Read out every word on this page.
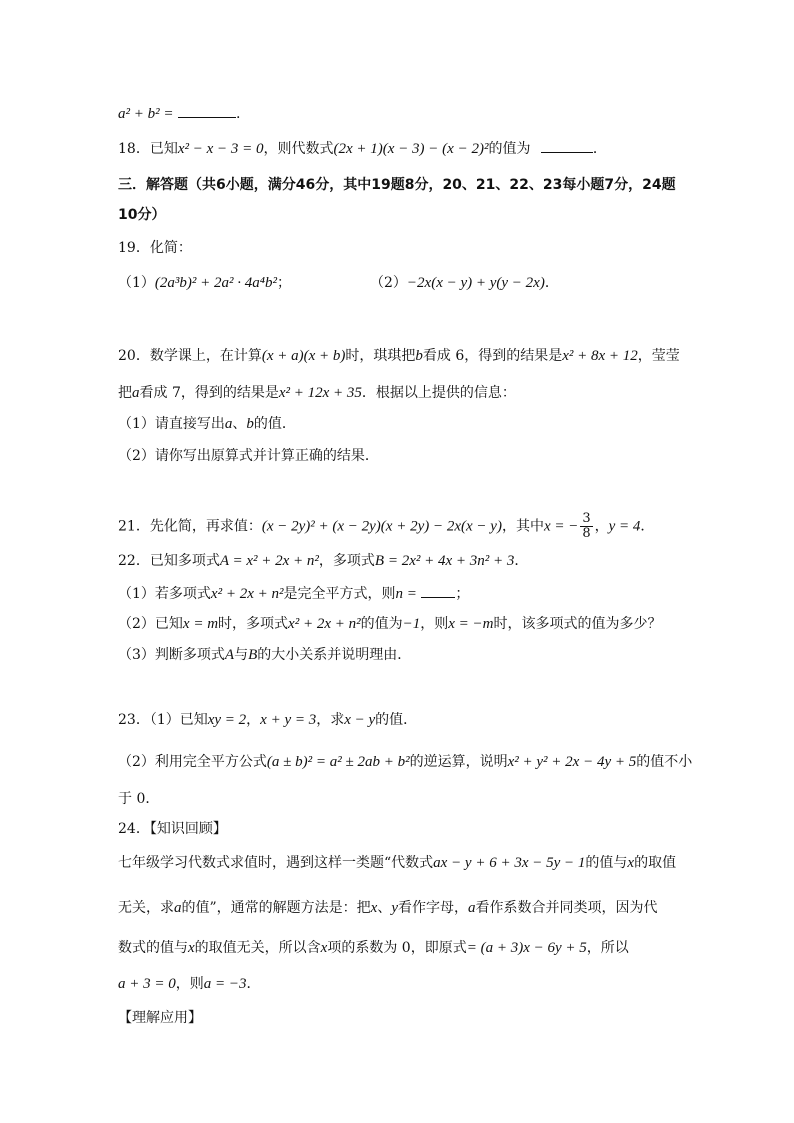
a² + b² =	.
18．已知x² − x − 3 = 0，则代数式(2x + 1)(x − 3) − (x − 2)²的值为	．
三．解答题（共6小题，满分46分，其中19题8分，20、21、22、23每小题7分，24题
10分）
19．化简：
（1）(2a³b)² + 2a² · 4a⁴b²；	（2）−2x(x − y) + y(y − 2x)．
20．数学课上，在计算(x + a)(x + b)时，琪琪把b看成 6，得到的结果是x² + 8x + 12，莹莹
把a看成 7，得到的结果是x² + 12x + 35．根据以上提供的信息：
（1）请直接写出a、b的值．
（2）请你写出原算式并计算正确的结果．
21．先化简，再求值：(x − 2y)² + (x − 2y)(x + 2y) − 2x(x − y)，其中x = − $\frac{3}{8}$ ，y = 4．
22．已知多项式A = x² + 2x + n²，多项式B = 2x² + 4x + 3n² + 3．
（1）若多项式x² + 2x + n²是完全平方式，则n =	；
（2）已知x = m时，多项式x² + 2x + n²的值为−1，则x = −m时，该多项式的值为多少？
（3）判断多项式A与B的大小关系并说明理由．
23．（1）已知xy = 2，x + y = 3，求x − y的值．
（2）利用完全平方公式(a ± b)² = a² ± 2ab + b²的逆运算，说明x² + y² + 2x − 4y + 5的值不小
于 0．
24．【知识回顾】
七年级学习代数式求值时，遇到这样一类题“代数式ax − y + 6 + 3x − 5y − 1的值与x的取值
无关，求a的值”，通常的解题方法是：把x、y看作字母，a看作系数合并同类项，因为代
数式的值与x的取值无关，所以含x项的系数为 0，即原式= (a + 3)x − 6y + 5，所以
a + 3 = 0，则a = −3．
【理解应用】
